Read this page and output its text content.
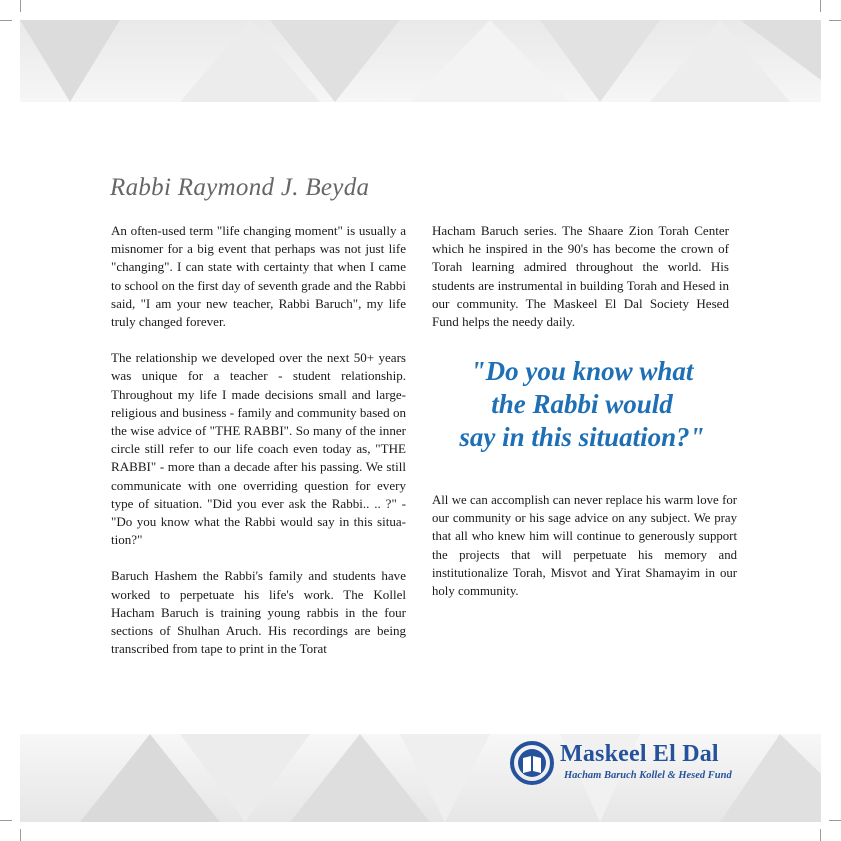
Rabbi Raymond J. Beyda

An often-used term "life changing moment" is usually a misnomer for a big event that perhaps was not just life "changing". I can state with certainty that when I came to school on the first day of seventh grade and the Rabbi said, "I am your new teacher, Rabbi Baruch", my life truly changed forever.

The relationship we developed over the next 50+ years was unique for a teacher - student relationship. Throughout my life I made decisions small and large- religious and business - family and community based on the wise advice of "THE RABBI". So many of the inner circle still refer to our life coach even today as, "THE RABBI" - more than a decade after his passing. We still communicate with one overriding question for every type of situation. "Did you ever ask the Rabbi.. .. ?" - "Do you know what the Rabbi would say in this situa-tion?"

Baruch Hashem the Rabbi's family and students have worked to perpetuate his life's work. The Kollel Hacham Baruch is training young rabbis in the four sections of Shulhan Aruch. His recordings are being transcribed from tape to print in the Torat

Hacham Baruch series. The Shaare Zion Torah Center which he inspired in the 90's has become the crown of Torah learning admired throughout the world. His students are instrumental in building Torah and Hesed in our community. The Maskeel El Dal Society Hesed Fund helps the needy daily.

"Do you know what
the Rabbi would
say in this situation?"

All we can accomplish can never replace his warm love for our community or his sage advice on any subject. We pray that all who knew him will continue to generously support the projects that will perpetuate his memory and institutionalize Torah, Misvot and Yirat Shamayim in our holy community.

Maskeel El Dal
Hacham Baruch Kollel & Hesed Fund
